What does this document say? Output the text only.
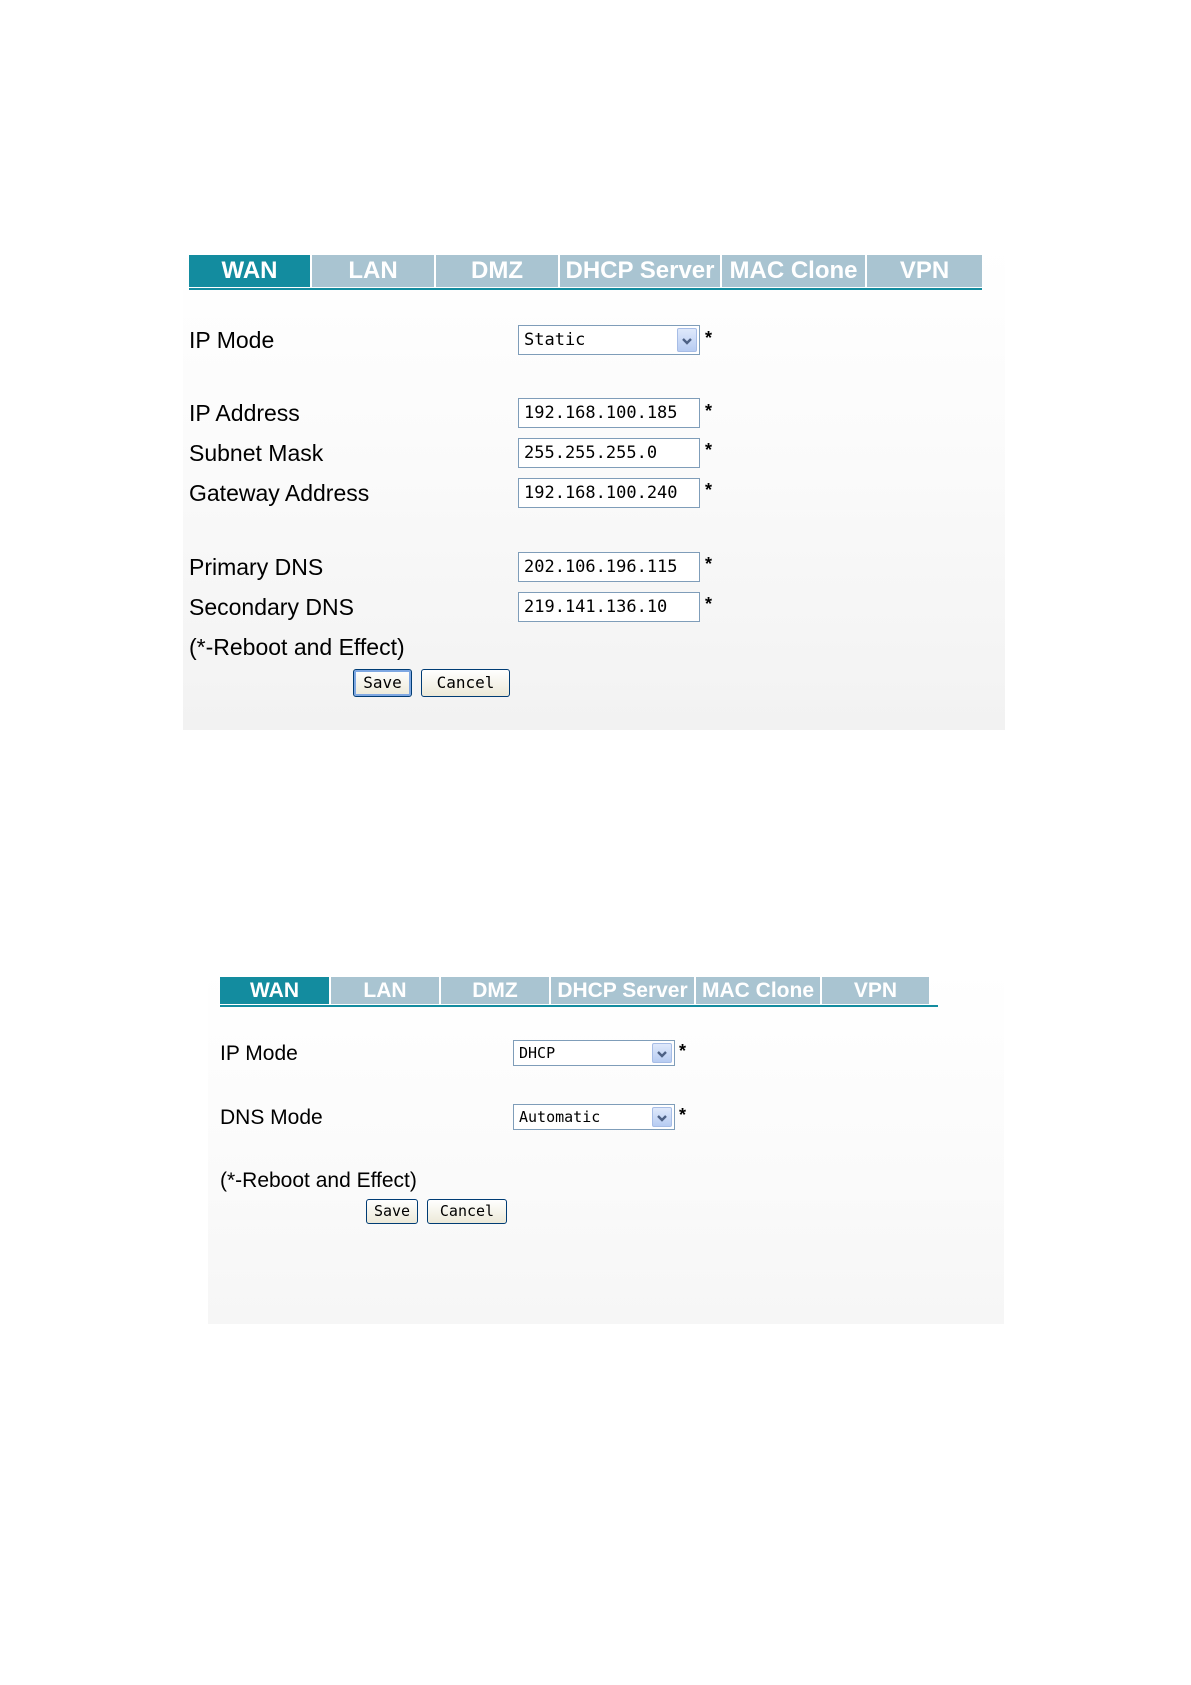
WAN	LAN	DMZ	DHCP Server MAC Clone	VPN
IP Mode	Static	*
IP Address	192.168.100.185	*
Subnet Mask	255.255.255.0	*
Gateway Address	192.168.100.240	*
Primary DNS	202.106.196.115	*
Secondary DNS	219.141.136.10	*
(*-Reboot and Effect)
Save	Cancel
WAN	LAN	DMZ	DHCP Server MAC Clone	VPN
IP Mode	DHCP	*
DNS Mode	Automatic	*
(*-Reboot and Effect)
Save	Cancel
